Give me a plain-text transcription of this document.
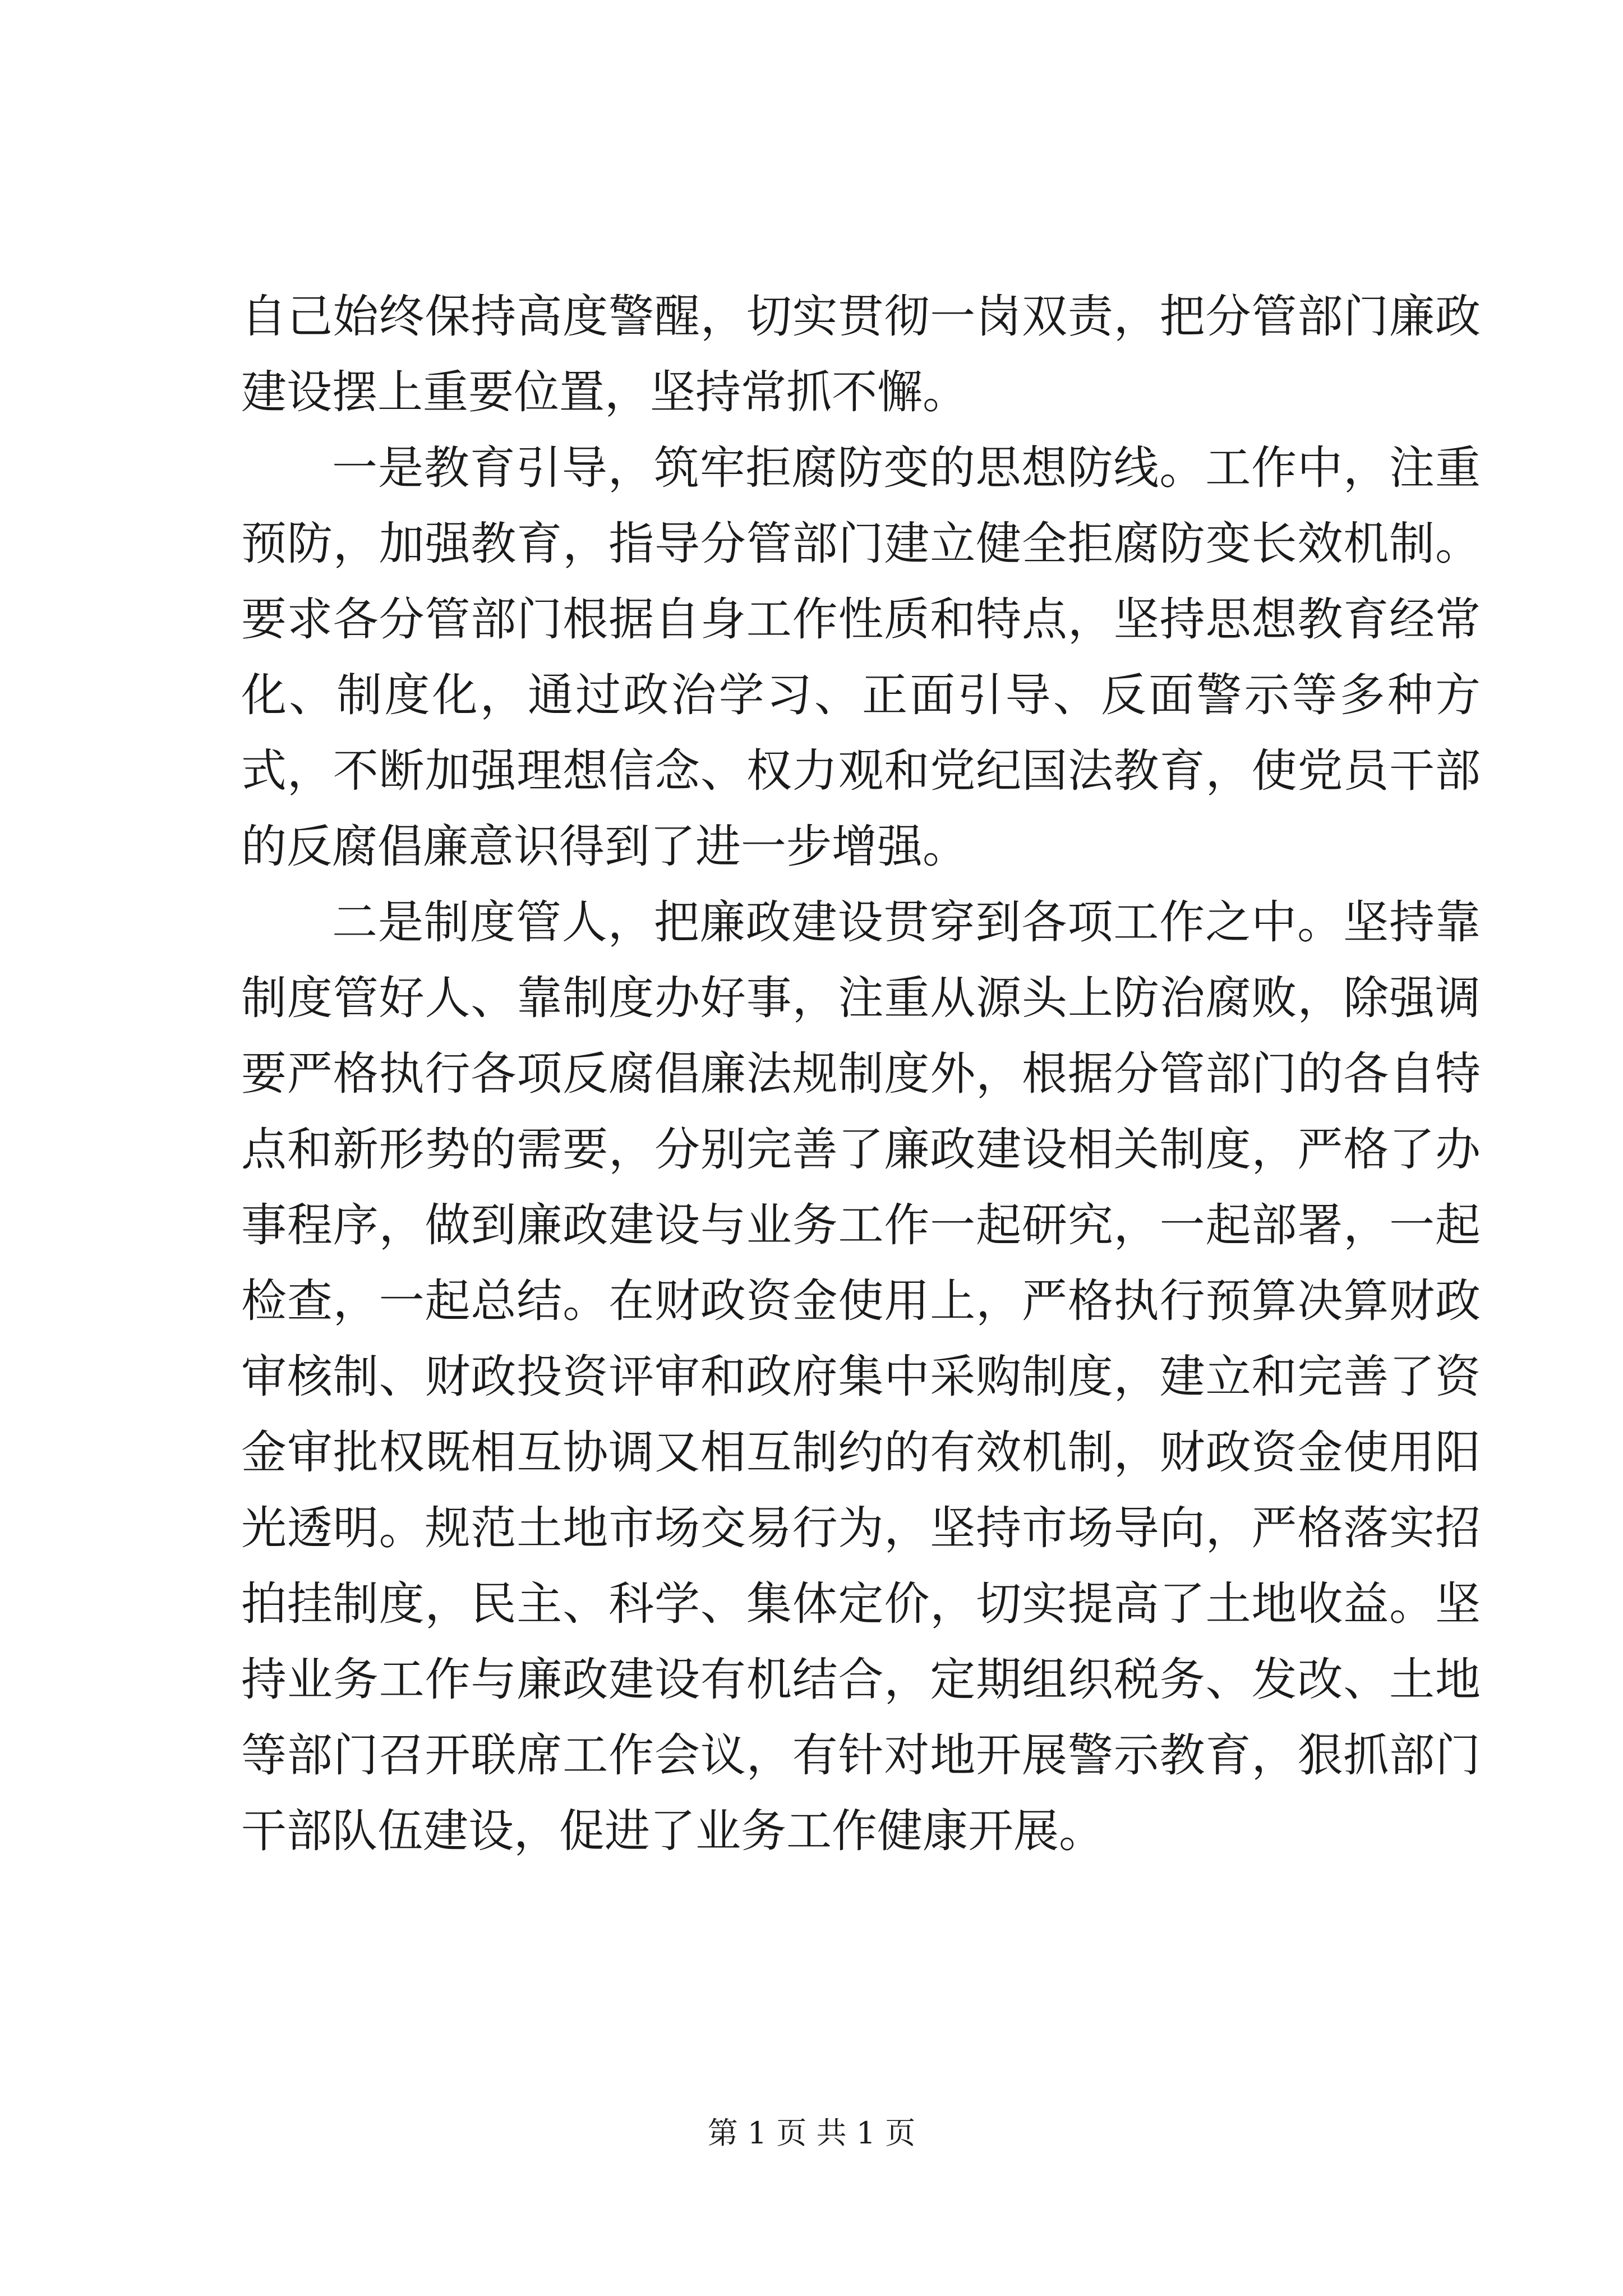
自己始终保持高度警醒，切实贯彻一岗双责，把分管部门廉政建设摆上重要位置，坚持常抓不懈。

一是教育引导，筑牢拒腐防变的思想防线。工作中，注重预防，加强教育，指导分管部门建立健全拒腐防变长效机制。要求各分管部门根据自身工作性质和特点，坚持思想教育经常化、制度化，通过政治学习、正面引导、反面警示等多种方式，不断加强理想信念、权力观和党纪国法教育，使党员干部的反腐倡廉意识得到了进一步增强。

二是制度管人，把廉政建设贯穿到各项工作之中。坚持靠制度管好人、靠制度办好事，注重从源头上防治腐败，除强调要严格执行各项反腐倡廉法规制度外，根据分管部门的各自特点和新形势的需要，分别完善了廉政建设相关制度，严格了办事程序，做到廉政建设与业务工作一起研究，一起部署，一起检查，一起总结。在财政资金使用上，严格执行预算决算财政审核制、财政投资评审和政府集中采购制度，建立和完善了资金审批权既相互协调又相互制约的有效机制，财政资金使用阳光透明。规范土地市场交易行为，坚持市场导向，严格落实招拍挂制度，民主、科学、集体定价，切实提高了土地收益。坚持业务工作与廉政建设有机结合，定期组织税务、发改、土地等部门召开联席工作会议，有针对地开展警示教育，狠抓部门干部队伍建设，促进了业务工作健康开展。

第 1 页 共 1 页
